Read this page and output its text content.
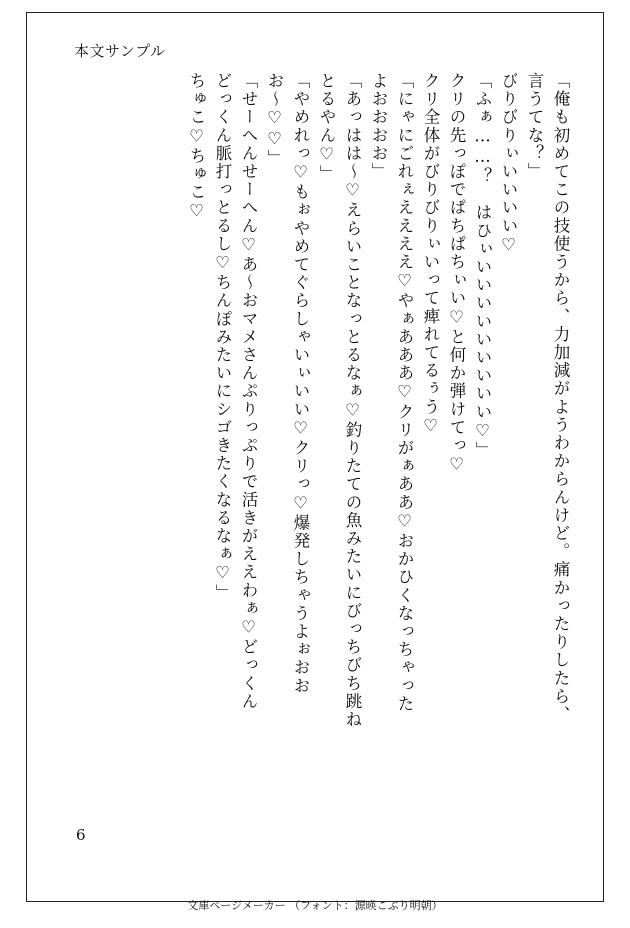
本文サンプル
「俺も初めてこの技使うから、力加減がようわからんけど。痛かったりしたら、
言うてな？」
びりびりぃいいいい♡
「ふぁ……？　はひぃいいいいいいいいい♡」
クリの先っぽでぱちぱちぃい♡と何か弾けてっ♡
クリ全体がびりびりぃいって痺れてるぅう♡
「にゃにごれぇええええ♡やぁあああ♡クリがぁああ♡おかひくなっちゃった
よおおおお」
「あっはは～♡えらいことなっとるなぁ♡釣りたての魚みたいにびっちびち跳ね
とるやん♡」
「やめれっ♡もぉやめてぐらしゃいぃいい♡クリっ♡爆発しちゃうよぉおお
お～♡♡」
「せーへんせーへん♡あ～おマメさんぷりっぷりで活きがええわぁ♡どっくん
どっくん脈打っとるし♡ちんぽみたいにシゴきたくなるなぁ♡」
ちゅこ♡ちゅこ♡
6
文庫ページメーカー （フォント：源暎こぶり明朝）
